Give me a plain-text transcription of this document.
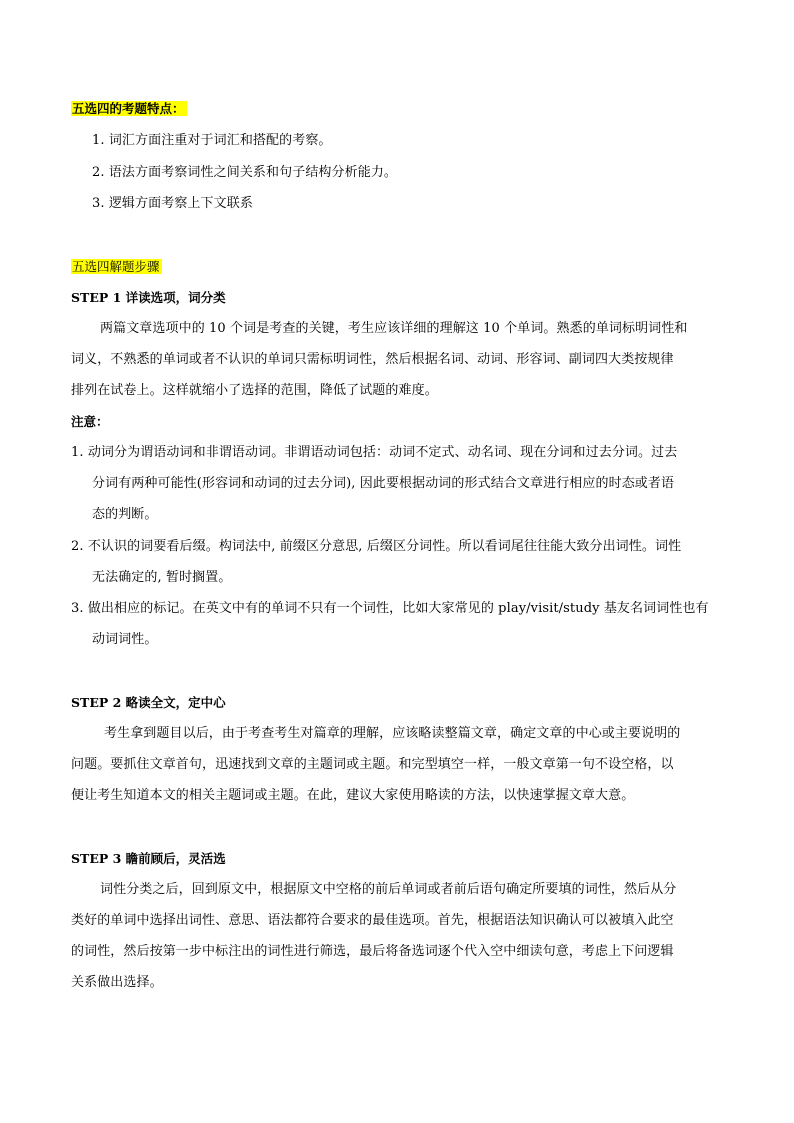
五选四的考题特点：
1. 词汇方面注重对于词汇和搭配的考察。
2. 语法方面考察词性之间关系和句子结构分析能力。
3. 逻辑方面考察上下文联系
五选四解题步骤
STEP 1 详读选项，词分类
两篇文章选项中的 10 个词是考查的关键，考生应该详细的理解这 10 个单词。熟悉的单词标明词性和
词义，不熟悉的单词或者不认识的单词只需标明词性，然后根据名词、动词、形容词、副词四大类按规律
排列在试卷上。这样就缩小了选择的范围，降低了试题的难度。
注意：
1. 动词分为谓语动词和非谓语动词。非谓语动词包括：动词不定式、动名词、现在分词和过去分词。过去
分词有两种可能性(形容词和动词的过去分词), 因此要根据动词的形式结合文章进行相应的时态或者语
态的判断。
2. 不认识的词要看后缀。构词法中, 前缀区分意思, 后缀区分词性。所以看词尾往往能大致分出词性。词性
无法确定的, 暂时搁置。
3. 做出相应的标记。在英文中有的单词不只有一个词性，比如大家常见的 play/visit/study 基友名词词性也有
动词词性。
STEP 2 略读全文，定中心
考生拿到题目以后，由于考查考生对篇章的理解，应该略读整篇文章，确定文章的中心或主要说明的
问题。要抓住文章首句，迅速找到文章的主题词或主题。和完型填空一样，一般文章第一句不设空格，以
便让考生知道本文的相关主题词或主题。在此，建议大家使用略读的方法，以快速掌握文章大意。
STEP 3 瞻前顾后，灵活选
词性分类之后，回到原文中，根据原文中空格的前后单词或者前后语句确定所要填的词性，然后从分
类好的单词中选择出词性、意思、语法都符合要求的最佳选项。首先，根据语法知识确认可以被填入此空
的词性，然后按第一步中标注出的词性进行筛选，最后将备选词逐个代入空中细读句意，考虑上下问逻辑
关系做出选择。
